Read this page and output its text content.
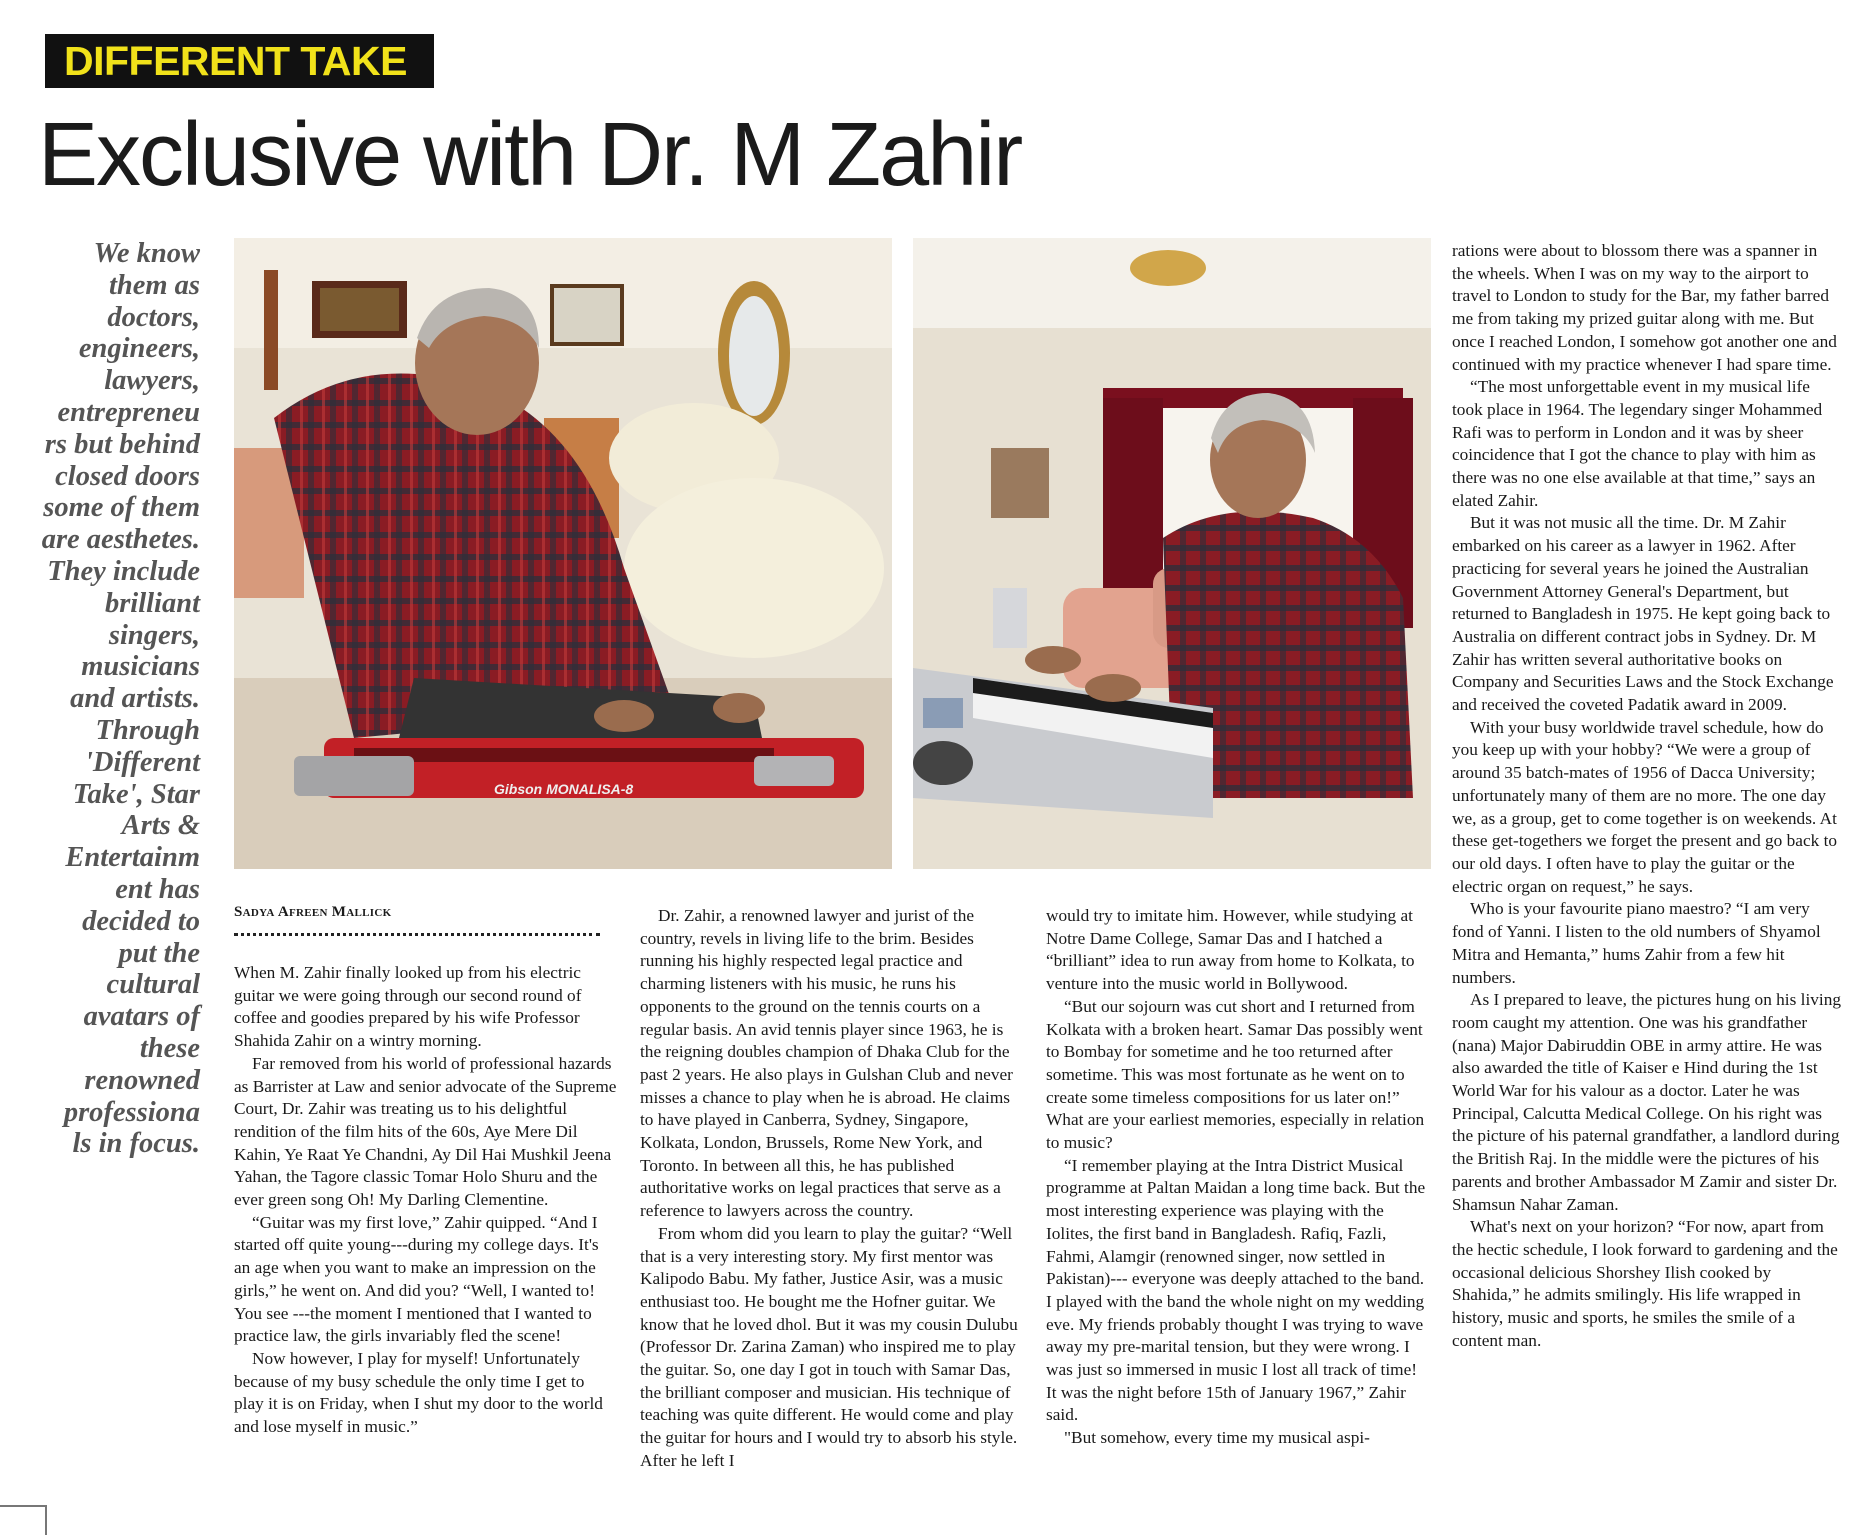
DIFFERENT TAKE
Exclusive with Dr. M Zahir
We know them as doctors, engineers, lawyers, entrepreneu rs but behind closed doors some of them are aesthetes. They include brilliant singers, musicians and artists. Through 'Different Take', Star Arts & Entertainm ent has decided to put the cultural avatars of these renowned professiona ls in focus.
Gibson MONALISA-8
Sadya Afreen Mallick

When M. Zahir finally looked up from his electric guitar we were going through our second round of coffee and goodies prepared by his wife Professor Shahida Zahir on a wintry morning.

Far removed from his world of professional hazards as Barrister at Law and senior advocate of the Supreme Court, Dr. Zahir was treating us to his delightful rendition of the film hits of the 60s, Aye Mere Dil Kahin, Ye Raat Ye Chandni, Ay Dil Hai Mushkil Jeena Yahan, the Tagore classic Tomar Holo Shuru and the ever green song Oh! My Darling Clementine.

“Guitar was my first love,” Zahir quipped. “And I started off quite young---during my college days. It's an age when you want to make an impression on the girls,” he went on. And did you? “Well, I wanted to! You see ---the moment I mentioned that I wanted to practice law, the girls invariably fled the scene!

Now however, I play for myself! Unfortunately because of my busy schedule the only time I get to play it is on Friday, when I shut my door to the world and lose myself in music.”

Dr. Zahir, a renowned lawyer and jurist of the country, revels in living life to the brim. Besides running his highly respected legal practice and charming listeners with his music, he runs his opponents to the ground on the tennis courts on a regular basis. An avid tennis player since 1963, he is the reigning doubles champion of Dhaka Club for the past 2 years. He also plays in Gulshan Club and never misses a chance to play when he is abroad. He claims to have played in Canberra, Sydney, Singapore, Kolkata, London, Brussels, Rome New York, and Toronto. In between all this, he has published authoritative works on legal practices that serve as a reference to lawyers across the country.

From whom did you learn to play the guitar? “Well that is a very interesting story. My first mentor was Kalipodo Babu. My father, Justice Asir, was a music enthusiast too. He bought me the Hofner guitar. We know that he loved dhol. But it was my cousin Dulubu (Professor Dr. Zarina Zaman) who inspired me to play the guitar. So, one day I got in touch with Samar Das, the brilliant composer and musician. His technique of teaching was quite different. He would come and play the guitar for hours and I would try to absorb his style. After he left I

would try to imitate him. However, while studying at Notre Dame College, Samar Das and I hatched a “brilliant” idea to run away from home to Kolkata, to venture into the music world in Bollywood.

“But our sojourn was cut short and I returned from Kolkata with a broken heart. Samar Das possibly went to Bombay for sometime and he too returned after sometime. This was most fortunate as he went on to create some timeless compositions for us later on!” What are your earliest memories, especially in relation to music?

“I remember playing at the Intra District Musical programme at Paltan Maidan a long time back. But the most interesting experience was playing with the Iolites, the first band in Bangladesh. Rafiq, Fazli, Fahmi, Alamgir (renowned singer, now settled in Pakistan)--- everyone was deeply attached to the band. I played with the band the whole night on my wedding eve. My friends probably thought I was trying to wave away my pre-marital tension, but they were wrong. I was just so immersed in music I lost all track of time! It was the night before 15th of January 1967,” Zahir said.

"But somehow, every time my musical aspi-

rations were about to blossom there was a spanner in the wheels. When I was on my way to the airport to travel to London to study for the Bar, my father barred me from taking my prized guitar along with me. But once I reached London, I somehow got another one and continued with my practice whenever I had spare time.

“The most unforgettable event in my musical life took place in 1964. The legendary singer Mohammed Rafi was to perform in London and it was by sheer coincidence that I got the chance to play with him as there was no one else available at that time,” says an elated Zahir.

But it was not music all the time. Dr. M Zahir embarked on his career as a lawyer in 1962. After practicing for several years he joined the Australian Government Attorney General's Department, but returned to Bangladesh in 1975. He kept going back to Australia on different contract jobs in Sydney. Dr. M Zahir has written several authoritative books on Company and Securities Laws and the Stock Exchange and received the coveted Padatik award in 2009.

With your busy worldwide travel schedule, how do you keep up with your hobby? “We were a group of around 35 batch-mates of 1956 of Dacca University; unfortunately many of them are no more. The one day we, as a group, get to come together is on weekends. At these get-togethers we forget the present and go back to our old days. I often have to play the guitar or the electric organ on request,” he says.

Who is your favourite piano maestro? “I am very fond of Yanni. I listen to the old numbers of Shyamol Mitra and Hemanta,” hums Zahir from a few hit numbers.

As I prepared to leave, the pictures hung on his living room caught my attention. One was his grandfather (nana) Major Dabiruddin OBE in army attire. He was also awarded the title of Kaiser e Hind during the 1st World War for his valour as a doctor. Later he was Principal, Calcutta Medical College. On his right was the picture of his paternal grandfather, a landlord during the British Raj. In the middle were the pictures of his parents and brother Ambassador M Zamir and sister Dr. Shamsun Nahar Zaman.

What's next on your horizon? “For now, apart from the hectic schedule, I look forward to gardening and the occasional delicious Shorshey Ilish cooked by Shahida,” he admits smilingly. His life wrapped in history, music and sports, he smiles the smile of a content man.
